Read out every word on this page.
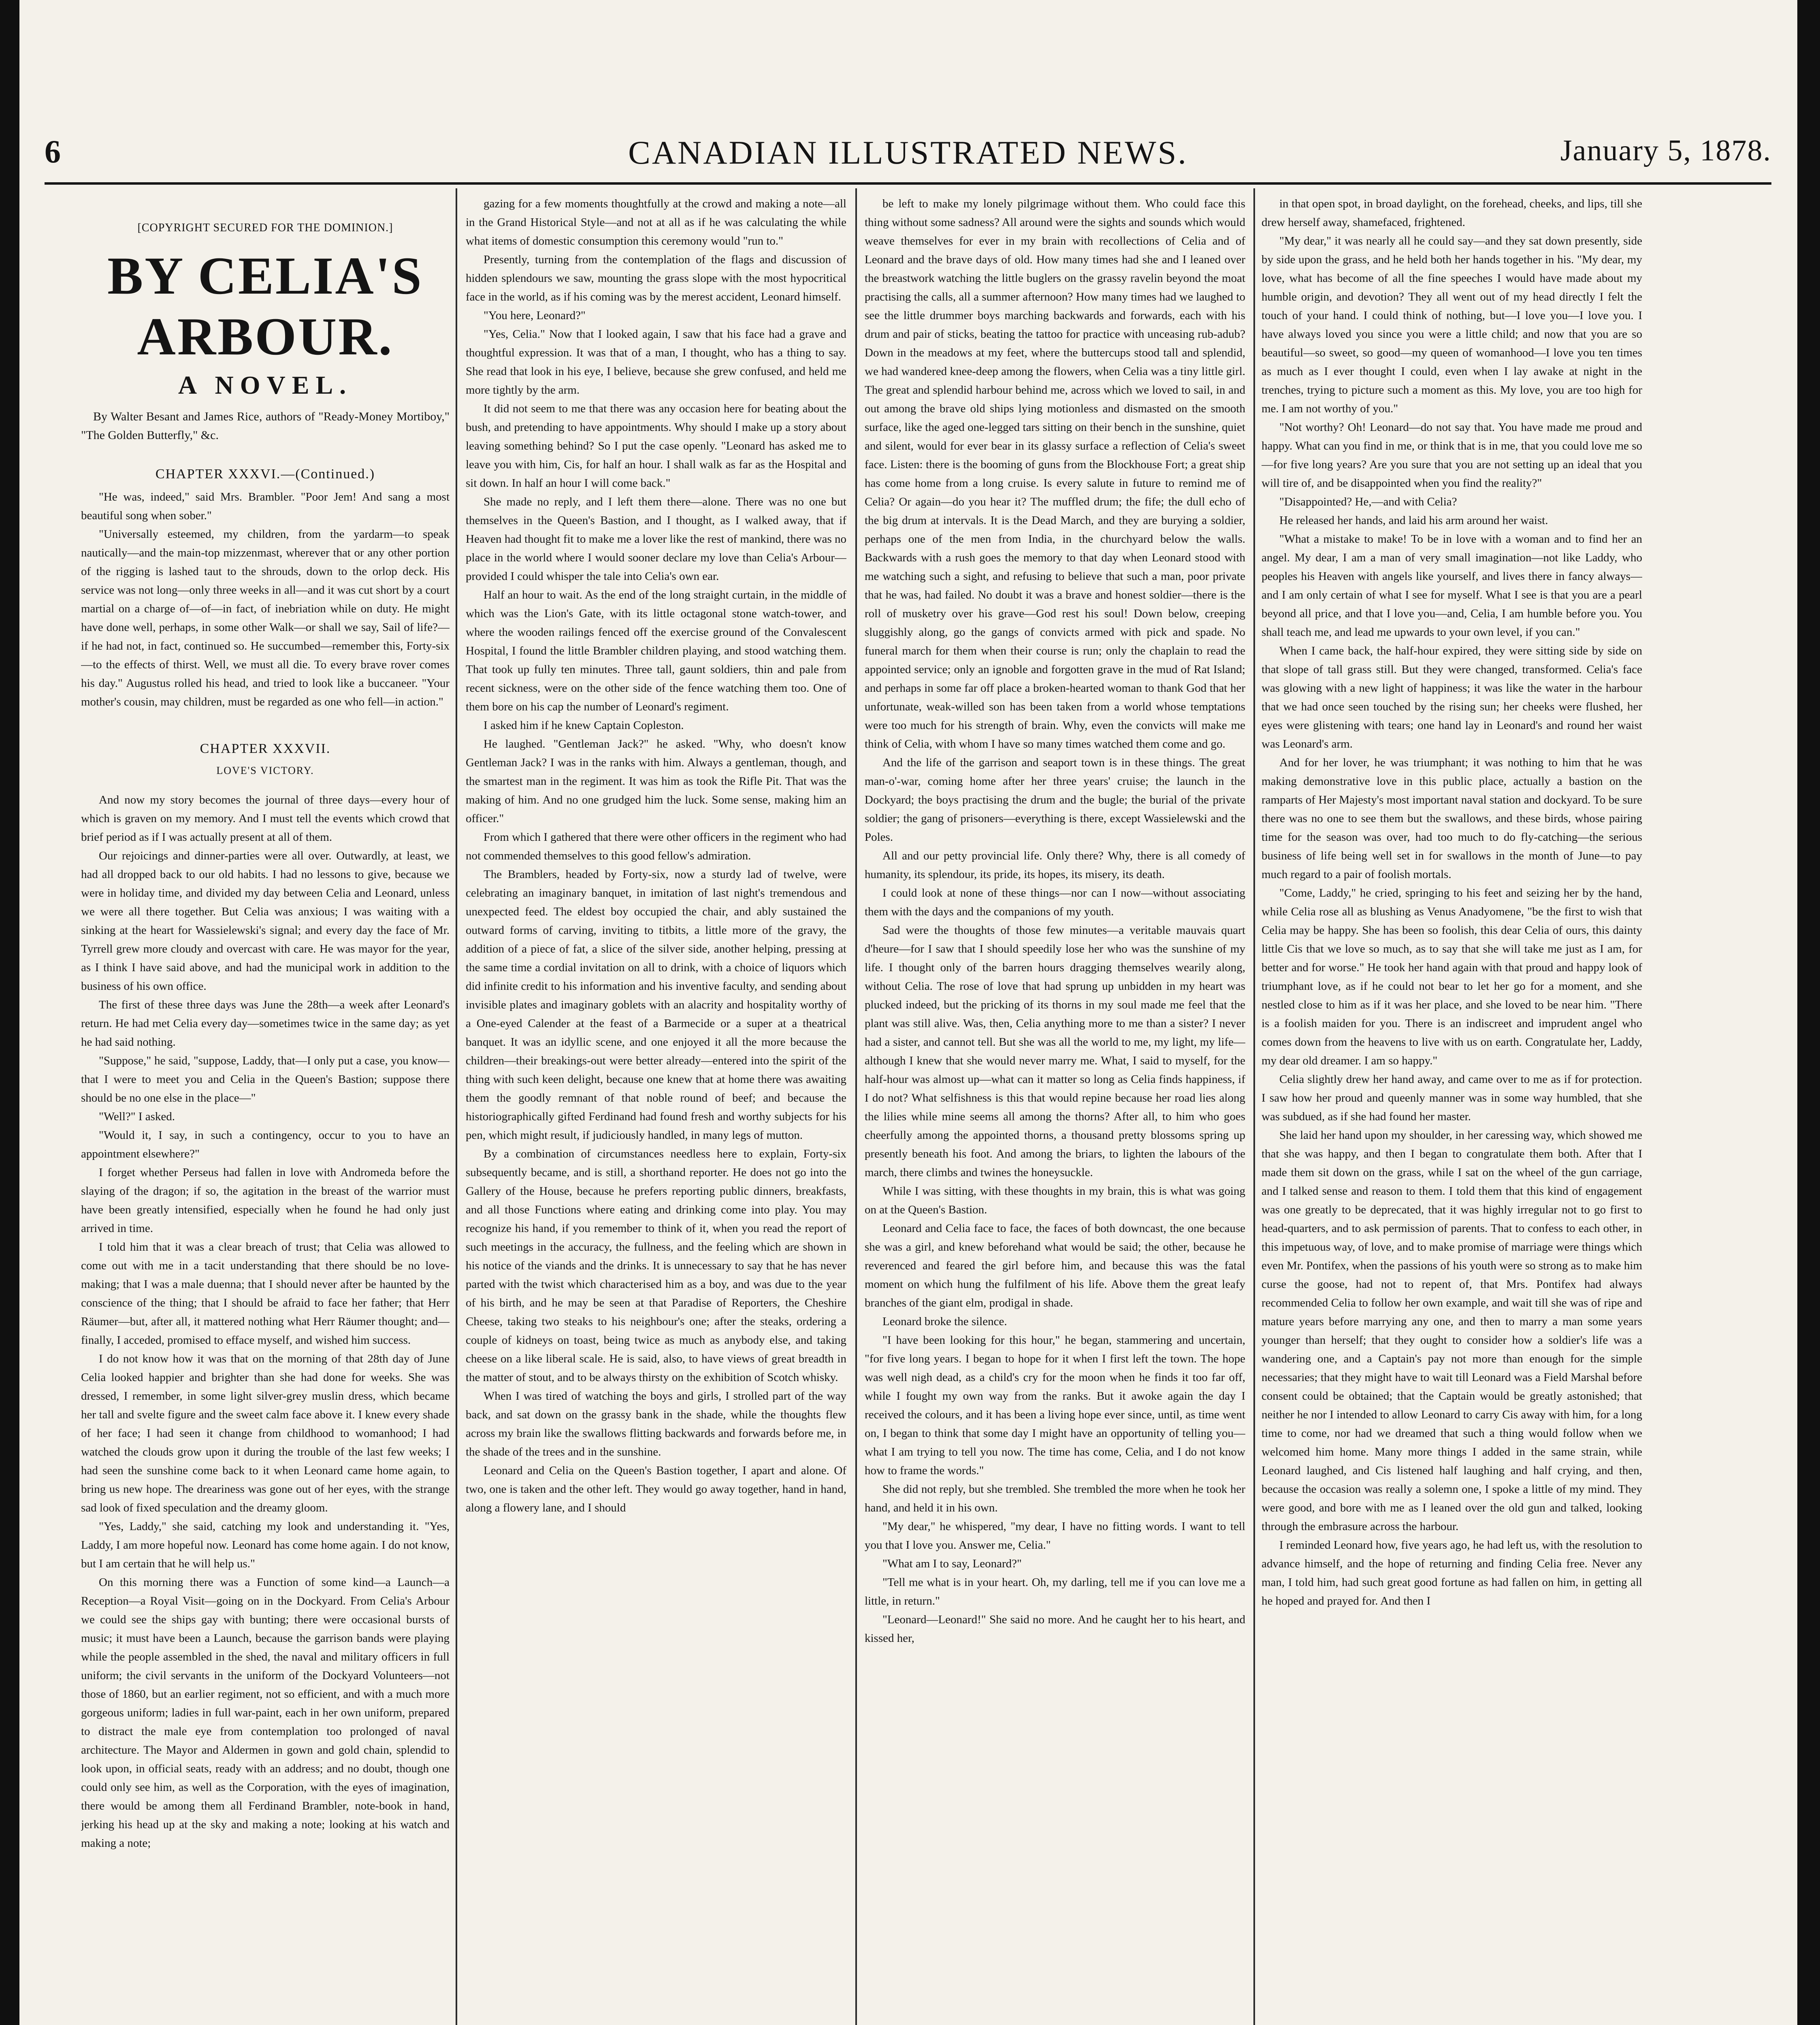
6	CANADIAN ILLUSTRATED NEWS.	January 5, 1878.
[COPYRIGHT SECURED FOR THE DOMINION.]
BY CELIA'S ARBOUR.
A NOVEL.
By Walter Besant and James Rice, authors of "Ready-Money Mortiboy," "The Golden Butterfly," &c.
CHAPTER XXXVI.—(Continued.)

"He was, indeed," said Mrs. Brambler. "Poor Jem! And sang a most beautiful song when sober."

"Universally esteemed, my children, from the yardarm—to speak nautically—and the main-top mizzenmast, wherever that or any other portion of the rigging is lashed taut to the shrouds, down to the orlop deck. His service was not long—only three weeks in all—and it was cut short by a court martial on a charge of—of—in fact, of inebriation while on duty. He might have done well, perhaps, in some other Walk—or shall we say, Sail of life?—if he had not, in fact, continued so. He succumbed—remember this, Forty-six—to the effects of thirst. Well, we must all die. To every brave rover comes his day." Augustus rolled his head, and tried to look like a buccaneer. "Your mother's cousin, may children, must be regarded as one who fell—in action."

CHAPTER XXXVII.
LOVE'S VICTORY.

And now my story becomes the journal of three days—every hour of which is graven on my memory. And I must tell the events which crowd that brief period as if I was actually present at all of them.

Our rejoicings and dinner-parties were all over. Outwardly, at least, we had all dropped back to our old habits. I had no lessons to give, because we were in holiday time, and divided my day between Celia and Leonard, unless we were all there together. But Celia was anxious; I was waiting with a sinking at the heart for Wassielewski's signal; and every day the face of Mr. Tyrrell grew more cloudy and overcast with care. He was mayor for the year, as I think I have said above, and had the municipal work in addition to the business of his own office.

The first of these three days was June the 28th—a week after Leonard's return. He had met Celia every day—sometimes twice in the same day; as yet he had said nothing.

"Suppose," he said, "suppose, Laddy, that—I only put a case, you know—that I were to meet you and Celia in the Queen's Bastion; suppose there should be no one else in the place—"

"Well?" I asked.

"Would it, I say, in such a contingency, occur to you to have an appointment elsewhere?"

I forget whether Perseus had fallen in love with Andromeda before the slaying of the dragon; if so, the agitation in the breast of the warrior must have been greatly intensified, especially when he found he had only just arrived in time.

I told him that it was a clear breach of trust; that Celia was allowed to come out with me in a tacit understanding that there should be no love-making; that I was a male duenna; that I should never after be haunted by the conscience of the thing; that I should be afraid to face her father; that Herr Räumer—but, after all, it mattered nothing what Herr Räumer thought; and—finally, I acceded, promised to efface myself, and wished him success.

I do not know how it was that on the morning of that 28th day of June Celia looked happier and brighter than she had done for weeks. She was dressed, I remember, in some light silver-grey muslin dress, which became her tall and svelte figure and the sweet calm face above it. I knew every shade of her face; I had seen it change from childhood to womanhood; I had watched the clouds grow upon it during the trouble of the last few weeks; I had seen the sunshine come back to it when Leonard came home again, to bring us new hope. The dreariness was gone out of her eyes, with the strange sad look of fixed speculation and the dreamy gloom.

"Yes, Laddy," she said, catching my look and understanding it. "Yes, Laddy, I am more hopeful now. Leonard has come home again. I do not know, but I am certain that he will help us."

On this morning there was a Function of some kind—a Launch—a Reception—a Royal Visit—going on in the Dockyard. From Celia's Arbour we could see the ships gay with bunting; there were occasional bursts of music; it must have been a Launch, because the garrison bands were playing while the people assembled in the shed, the naval and military officers in full uniform; the civil servants in the uniform of the Dockyard Volunteers—not those of 1860, but an earlier regiment, not so efficient, and with a much more gorgeous uniform; ladies in full war-paint, each in her own uniform, prepared to distract the male eye from contemplation too prolonged of naval architecture. The Mayor and Aldermen in gown and gold chain, splendid to look upon, in official seats, ready with an address; and no doubt, though one could only see him, as well as the Corporation, with the eyes of imagination, there would be among them all Ferdinand Brambler, note-book in hand, jerking his head up at the sky and making a note; looking at his watch and making a note;

gazing for a few moments thoughtfully at the crowd and making a note—all in the Grand Historical Style—and not at all as if he was calculating the while what items of domestic consumption this ceremony would "run to."

Presently, turning from the contemplation of the flags and discussion of hidden splendours we saw, mounting the grass slope with the most hypocritical face in the world, as if his coming was by the merest accident, Leonard himself.

"You here, Leonard?"

"Yes, Celia." Now that I looked again, I saw that his face had a grave and thoughtful expression. It was that of a man, I thought, who has a thing to say. She read that look in his eye, I believe, because she grew confused, and held me more tightly by the arm.

It did not seem to me that there was any occasion here for beating about the bush, and pretending to have appointments. Why should I make up a story about leaving something behind? So I put the case openly. "Leonard has asked me to leave you with him, Cis, for half an hour. I shall walk as far as the Hospital and sit down. In half an hour I will come back."

She made no reply, and I left them there—alone. There was no one but themselves in the Queen's Bastion, and I thought, as I walked away, that if Heaven had thought fit to make me a lover like the rest of mankind, there was no place in the world where I would sooner declare my love than Celia's Arbour—provided I could whisper the tale into Celia's own ear.

Half an hour to wait. As the end of the long straight curtain, in the middle of which was the Lion's Gate, with its little octagonal stone watch-tower, and where the wooden railings fenced off the exercise ground of the Convalescent Hospital, I found the little Brambler children playing, and stood watching them. That took up fully ten minutes. Three tall, gaunt soldiers, thin and pale from recent sickness, were on the other side of the fence watching them too. One of them bore on his cap the number of Leonard's regiment.

I asked him if he knew Captain Copleston.

He laughed. "Gentleman Jack?" he asked. "Why, who doesn't know Gentleman Jack? I was in the ranks with him. Always a gentleman, though, and the smartest man in the regiment. It was him as took the Rifle Pit. That was the making of him. And no one grudged him the luck. Some sense, making him an officer."

From which I gathered that there were other officers in the regiment who had not commended themselves to this good fellow's admiration.

The Bramblers, headed by Forty-six, now a sturdy lad of twelve, were celebrating an imaginary banquet, in imitation of last night's tremendous and unexpected feed. The eldest boy occupied the chair, and ably sustained the outward forms of carving, inviting to titbits, a little more of the gravy, the addition of a piece of fat, a slice of the silver side, another helping, pressing at the same time a cordial invitation on all to drink, with a choice of liquors which did infinite credit to his information and his inventive faculty, and sending about invisible plates and imaginary goblets with an alacrity and hospitality worthy of a One-eyed Calender at the feast of a Barmecide or a super at a theatrical banquet. It was an idyllic scene, and one enjoyed it all the more because the children—their breakings-out were better already—entered into the spirit of the thing with such keen delight, because one knew that at home there was awaiting them the goodly remnant of that noble round of beef; and because the historiographically gifted Ferdinand had found fresh and worthy subjects for his pen, which might result, if judiciously handled, in many legs of mutton.

By a combination of circumstances needless here to explain, Forty-six subsequently became, and is still, a shorthand reporter. He does not go into the Gallery of the House, because he prefers reporting public dinners, breakfasts, and all those Functions where eating and drinking come into play. You may recognize his hand, if you remember to think of it, when you read the report of such meetings in the accuracy, the fullness, and the feeling which are shown in his notice of the viands and the drinks. It is unnecessary to say that he has never parted with the twist which characterised him as a boy, and was due to the year of his birth, and he may be seen at that Paradise of Reporters, the Cheshire Cheese, taking two steaks to his neighbour's one; after the steaks, ordering a couple of kidneys on toast, being twice as much as anybody else, and taking cheese on a like liberal scale. He is said, also, to have views of great breadth in the matter of stout, and to be always thirsty on the exhibition of Scotch whisky.

When I was tired of watching the boys and girls, I strolled part of the way back, and sat down on the grassy bank in the shade, while the thoughts flew across my brain like the swallows flitting backwards and forwards before me, in the shade of the trees and in the sunshine.

Leonard and Celia on the Queen's Bastion together, I apart and alone. Of two, one is taken and the other left. They would go away together, hand in hand, along a flowery lane, and I should

be left to make my lonely pilgrimage without them. Who could face this thing without some sadness? All around were the sights and sounds which would weave themselves for ever in my brain with recollections of Celia and of Leonard and the brave days of old. How many times had she and I leaned over the breastwork watching the little buglers on the grassy ravelin beyond the moat practising the calls, all a summer afternoon? How many times had we laughed to see the little drummer boys marching backwards and forwards, each with his drum and pair of sticks, beating the tattoo for practice with unceasing rub-adub? Down in the meadows at my feet, where the buttercups stood tall and splendid, we had wandered knee-deep among the flowers, when Celia was a tiny little girl. The great and splendid harbour behind me, across which we loved to sail, in and out among the brave old ships lying motionless and dismasted on the smooth surface, like the aged one-legged tars sitting on their bench in the sunshine, quiet and silent, would for ever bear in its glassy surface a reflection of Celia's sweet face. Listen: there is the booming of guns from the Blockhouse Fort; a great ship has come home from a long cruise. Is every salute in future to remind me of Celia? Or again—do you hear it? The muffled drum; the fife; the dull echo of the big drum at intervals. It is the Dead March, and they are burying a soldier, perhaps one of the men from India, in the churchyard below the walls. Backwards with a rush goes the memory to that day when Leonard stood with me watching such a sight, and refusing to believe that such a man, poor private that he was, had failed. No doubt it was a brave and honest soldier—there is the roll of musketry over his grave—God rest his soul! Down below, creeping sluggishly along, go the gangs of convicts armed with pick and spade. No funeral march for them when their course is run; only the chaplain to read the appointed service; only an ignoble and forgotten grave in the mud of Rat Island; and perhaps in some far off place a broken-hearted woman to thank God that her unfortunate, weak-willed son has been taken from a world whose temptations were too much for his strength of brain. Why, even the convicts will make me think of Celia, with whom I have so many times watched them come and go.

And the life of the garrison and seaport town is in these things. The great man-o'-war, coming home after her three years' cruise; the launch in the Dockyard; the boys practising the drum and the bugle; the burial of the private soldier; the gang of prisoners—everything is there, except Wassielewski and the Poles.

All and our petty provincial life. Only there? Why, there is all comedy of humanity, its splendour, its pride, its hopes, its misery, its death.

I could look at none of these things—nor can I now—without associating them with the days and the companions of my youth.

Sad were the thoughts of those few minutes—a veritable mauvais quart d'heure—for I saw that I should speedily lose her who was the sunshine of my life. I thought only of the barren hours dragging themselves wearily along, without Celia. The rose of love that had sprung up unbidden in my heart was plucked indeed, but the pricking of its thorns in my soul made me feel that the plant was still alive. Was, then, Celia anything more to me than a sister? I never had a sister, and cannot tell. But she was all the world to me, my light, my life—although I knew that she would never marry me. What, I said to myself, for the half-hour was almost up—what can it matter so long as Celia finds happiness, if I do not? What selfishness is this that would repine because her road lies along the lilies while mine seems all among the thorns? After all, to him who goes cheerfully among the appointed thorns, a thousand pretty blossoms spring up presently beneath his foot. And among the briars, to lighten the labours of the march, there climbs and twines the honeysuckle.

While I was sitting, with these thoughts in my brain, this is what was going on at the Queen's Bastion.

Leonard and Celia face to face, the faces of both downcast, the one because she was a girl, and knew beforehand what would be said; the other, because he reverenced and feared the girl before him, and because this was the fatal moment on which hung the fulfilment of his life. Above them the great leafy branches of the giant elm, prodigal in shade.

Leonard broke the silence.

"I have been looking for this hour," he began, stammering and uncertain, "for five long years. I began to hope for it when I first left the town. The hope was well nigh dead, as a child's cry for the moon when he finds it too far off, while I fought my own way from the ranks. But it awoke again the day I received the colours, and it has been a living hope ever since, until, as time went on, I began to think that some day I might have an opportunity of telling you—what I am trying to tell you now. The time has come, Celia, and I do not know how to frame the words."

She did not reply, but she trembled. She trembled the more when he took her hand, and held it in his own.

"My dear," he whispered, "my dear, I have no fitting words. I want to tell you that I love you. Answer me, Celia."

"What am I to say, Leonard?"

"Tell me what is in your heart. Oh, my darling, tell me if you can love me a little, in return."

"Leonard—Leonard!" She said no more. And he caught her to his heart, and kissed her,

in that open spot, in broad daylight, on the forehead, cheeks, and lips, till she drew herself away, shamefaced, frightened.

"My dear," it was nearly all he could say—and they sat down presently, side by side upon the grass, and he held both her hands together in his. "My dear, my love, what has become of all the fine speeches I would have made about my humble origin, and devotion? They all went out of my head directly I felt the touch of your hand. I could think of nothing, but—I love you—I love you. I have always loved you since you were a little child; and now that you are so beautiful—so sweet, so good—my queen of womanhood—I love you ten times as much as I ever thought I could, even when I lay awake at night in the trenches, trying to picture such a moment as this. My love, you are too high for me. I am not worthy of you."

"Not worthy? Oh! Leonard—do not say that. You have made me proud and happy. What can you find in me, or think that is in me, that you could love me so—for five long years? Are you sure that you are not setting up an ideal that you will tire of, and be disappointed when you find the reality?"

"Disappointed? He,—and with Celia?

He released her hands, and laid his arm around her waist.

"What a mistake to make! To be in love with a woman and to find her an angel. My dear, I am a man of very small imagination—not like Laddy, who peoples his Heaven with angels like yourself, and lives there in fancy always—and I am only certain of what I see for myself. What I see is that you are a pearl beyond all price, and that I love you—and, Celia, I am humble before you. You shall teach me, and lead me upwards to your own level, if you can."

When I came back, the half-hour expired, they were sitting side by side on that slope of tall grass still. But they were changed, transformed. Celia's face was glowing with a new light of happiness; it was like the water in the harbour that we had once seen touched by the rising sun; her cheeks were flushed, her eyes were glistening with tears; one hand lay in Leonard's and round her waist was Leonard's arm.

And for her lover, he was triumphant; it was nothing to him that he was making demonstrative love in this public place, actually a bastion on the ramparts of Her Majesty's most important naval station and dockyard. To be sure there was no one to see them but the swallows, and these birds, whose pairing time for the season was over, had too much to do fly-catching—the serious business of life being well set in for swallows in the month of June—to pay much regard to a pair of foolish mortals.

"Come, Laddy," he cried, springing to his feet and seizing her by the hand, while Celia rose all as blushing as Venus Anadyomene, "be the first to wish that Celia may be happy. She has been so foolish, this dear Celia of ours, this dainty little Cis that we love so much, as to say that she will take me just as I am, for better and for worse." He took her hand again with that proud and happy look of triumphant love, as if he could not bear to let her go for a moment, and she nestled close to him as if it was her place, and she loved to be near him. "There is a foolish maiden for you. There is an indiscreet and imprudent angel who comes down from the heavens to live with us on earth. Congratulate her, Laddy, my dear old dreamer. I am so happy."

Celia slightly drew her hand away, and came over to me as if for protection. I saw how her proud and queenly manner was in some way humbled, that she was subdued, as if she had found her master.

She laid her hand upon my shoulder, in her caressing way, which showed me that she was happy, and then I began to congratulate them both. After that I made them sit down on the grass, while I sat on the wheel of the gun carriage, and I talked sense and reason to them. I told them that this kind of engagement was one greatly to be deprecated, that it was highly irregular not to go first to head-quarters, and to ask permission of parents. That to confess to each other, in this impetuous way, of love, and to make promise of marriage were things which even Mr. Pontifex, when the passions of his youth were so strong as to make him curse the goose, had not to repent of, that Mrs. Pontifex had always recommended Celia to follow her own example, and wait till she was of ripe and mature years before marrying any one, and then to marry a man some years younger than herself; that they ought to consider how a soldier's life was a wandering one, and a Captain's pay not more than enough for the simple necessaries; that they might have to wait till Leonard was a Field Marshal before consent could be obtained; that the Captain would be greatly astonished; that neither he nor I intended to allow Leonard to carry Cis away with him, for a long time to come, nor had we dreamed that such a thing would follow when we welcomed him home. Many more things I added in the same strain, while Leonard laughed, and Cis listened half laughing and half crying, and then, because the occasion was really a solemn one, I spoke a little of my mind. They were good, and bore with me as I leaned over the old gun and talked, looking through the embrasure across the harbour.

I reminded Leonard how, five years ago, he had left us, with the resolution to advance himself, and the hope of returning and finding Celia free. Never any man, I told him, had such great good fortune as had fallen on him, in getting all he hoped and prayed for. And then I
